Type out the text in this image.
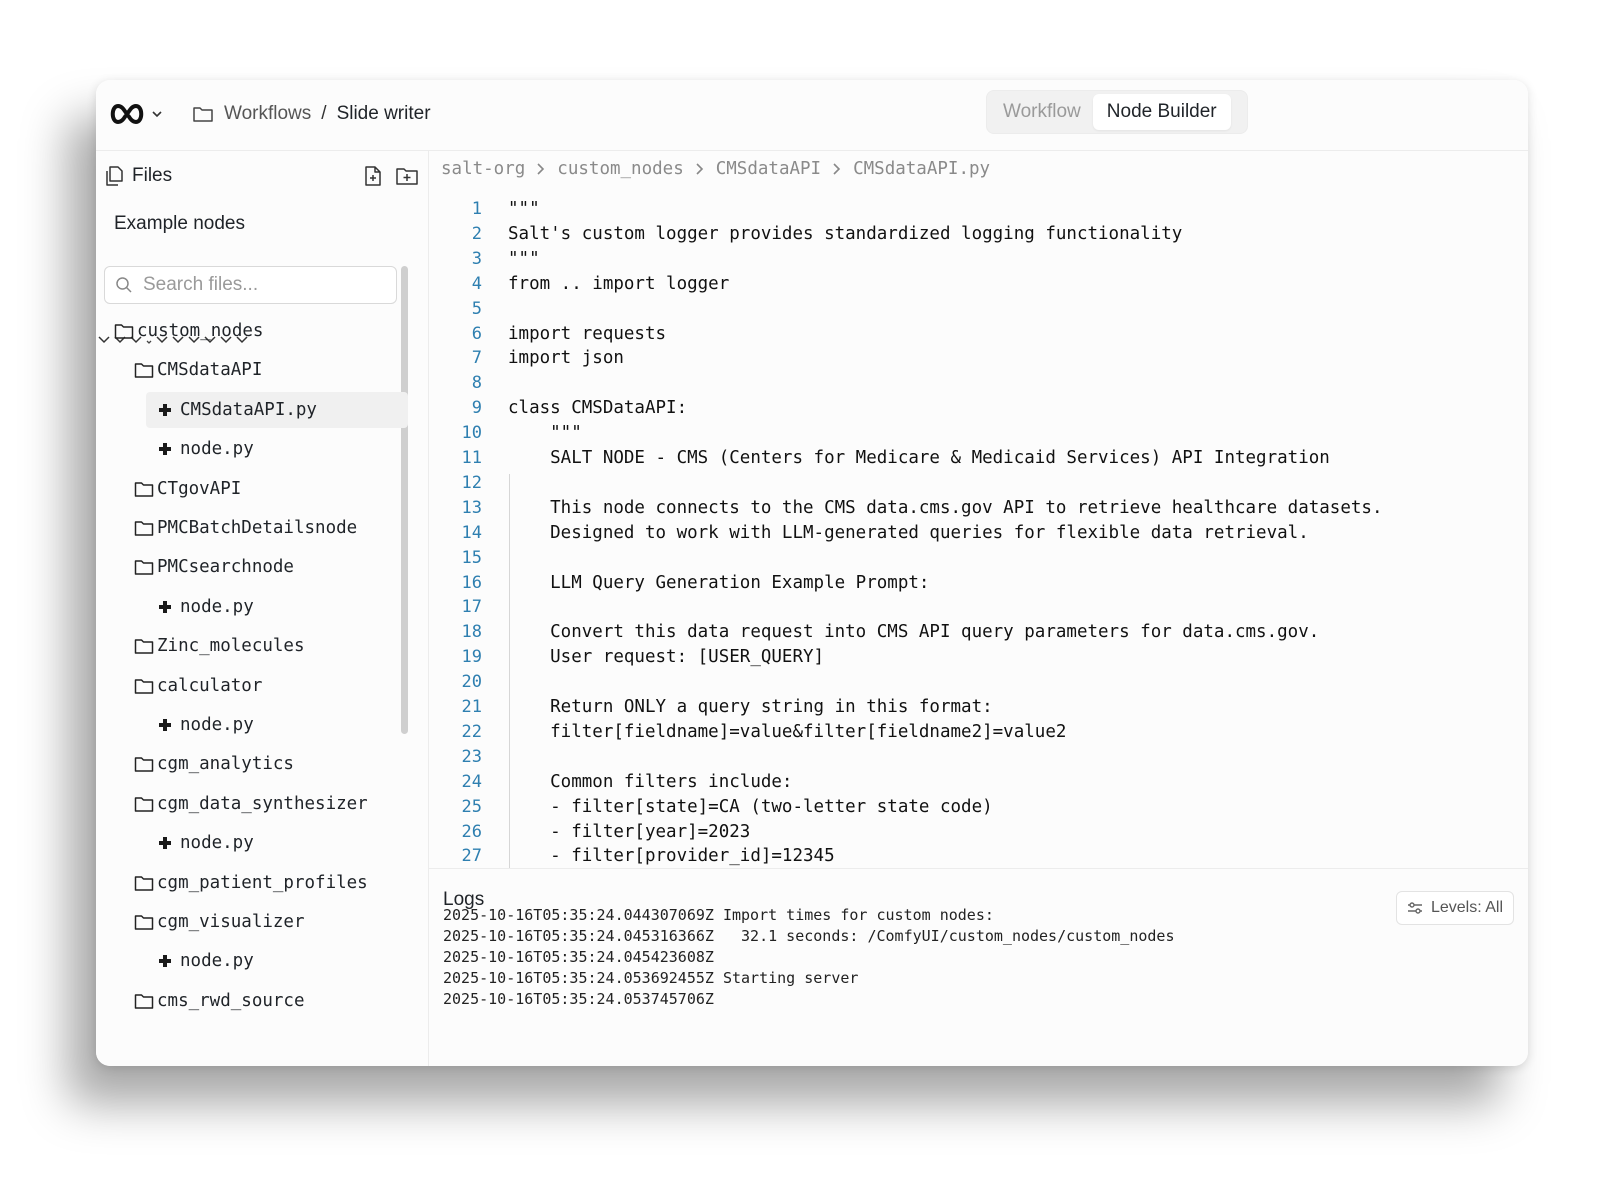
Workflows / Slide writer	Workflow	Node Builder
Files
Example nodes
Search files...
custom_nodes
CMSdataAPI
CMSdataAPI.py
node.py
CTgovAPI
PMCBatchDetailsnode
PMCsearchnode
node.py
Zinc_molecules
calculator
node.py
cgm_analytics
cgm_data_synthesizer
node.py
cgm_patient_profiles
cgm_visualizer
node.py
cms_rwd_source
salt-org custom_nodes CMSdataAPI CMSdataAPI.py
1 """
2 Salt's custom logger provides standardized logging functionality
3 """
4 from .. import logger
5
6 import requests
7 import json
8
9 class CMSDataAPI:
10 """
11 SALT NODE - CMS (Centers for Medicare & Medicaid Services) API Integration
12
13 This node connects to the CMS data.cms.gov API to retrieve healthcare datasets.
14 Designed to work with LLM-generated queries for flexible data retrieval.
15
16 LLM Query Generation Example Prompt:
17
18 Convert this data request into CMS API query parameters for data.cms.gov.
19 User request: [USER_QUERY]
20
21 Return ONLY a query string in this format:
22 filter[fieldname]=value&filter[fieldname2]=value2
23
24 Common filters include:
25 - filter[state]=CA (two-letter state code)
26 - filter[year]=2023
27 - filter[provider_id]=12345
Logs	Levels: All
2025-10-16T05:35:24.044307069Z Import times for custom nodes:
2025-10-16T05:35:24.045316366Z   32.1 seconds: /ComfyUI/custom_nodes/custom_nodes
2025-10-16T05:35:24.045423608Z
2025-10-16T05:35:24.053692455Z Starting server
2025-10-16T05:35:24.053745706Z
